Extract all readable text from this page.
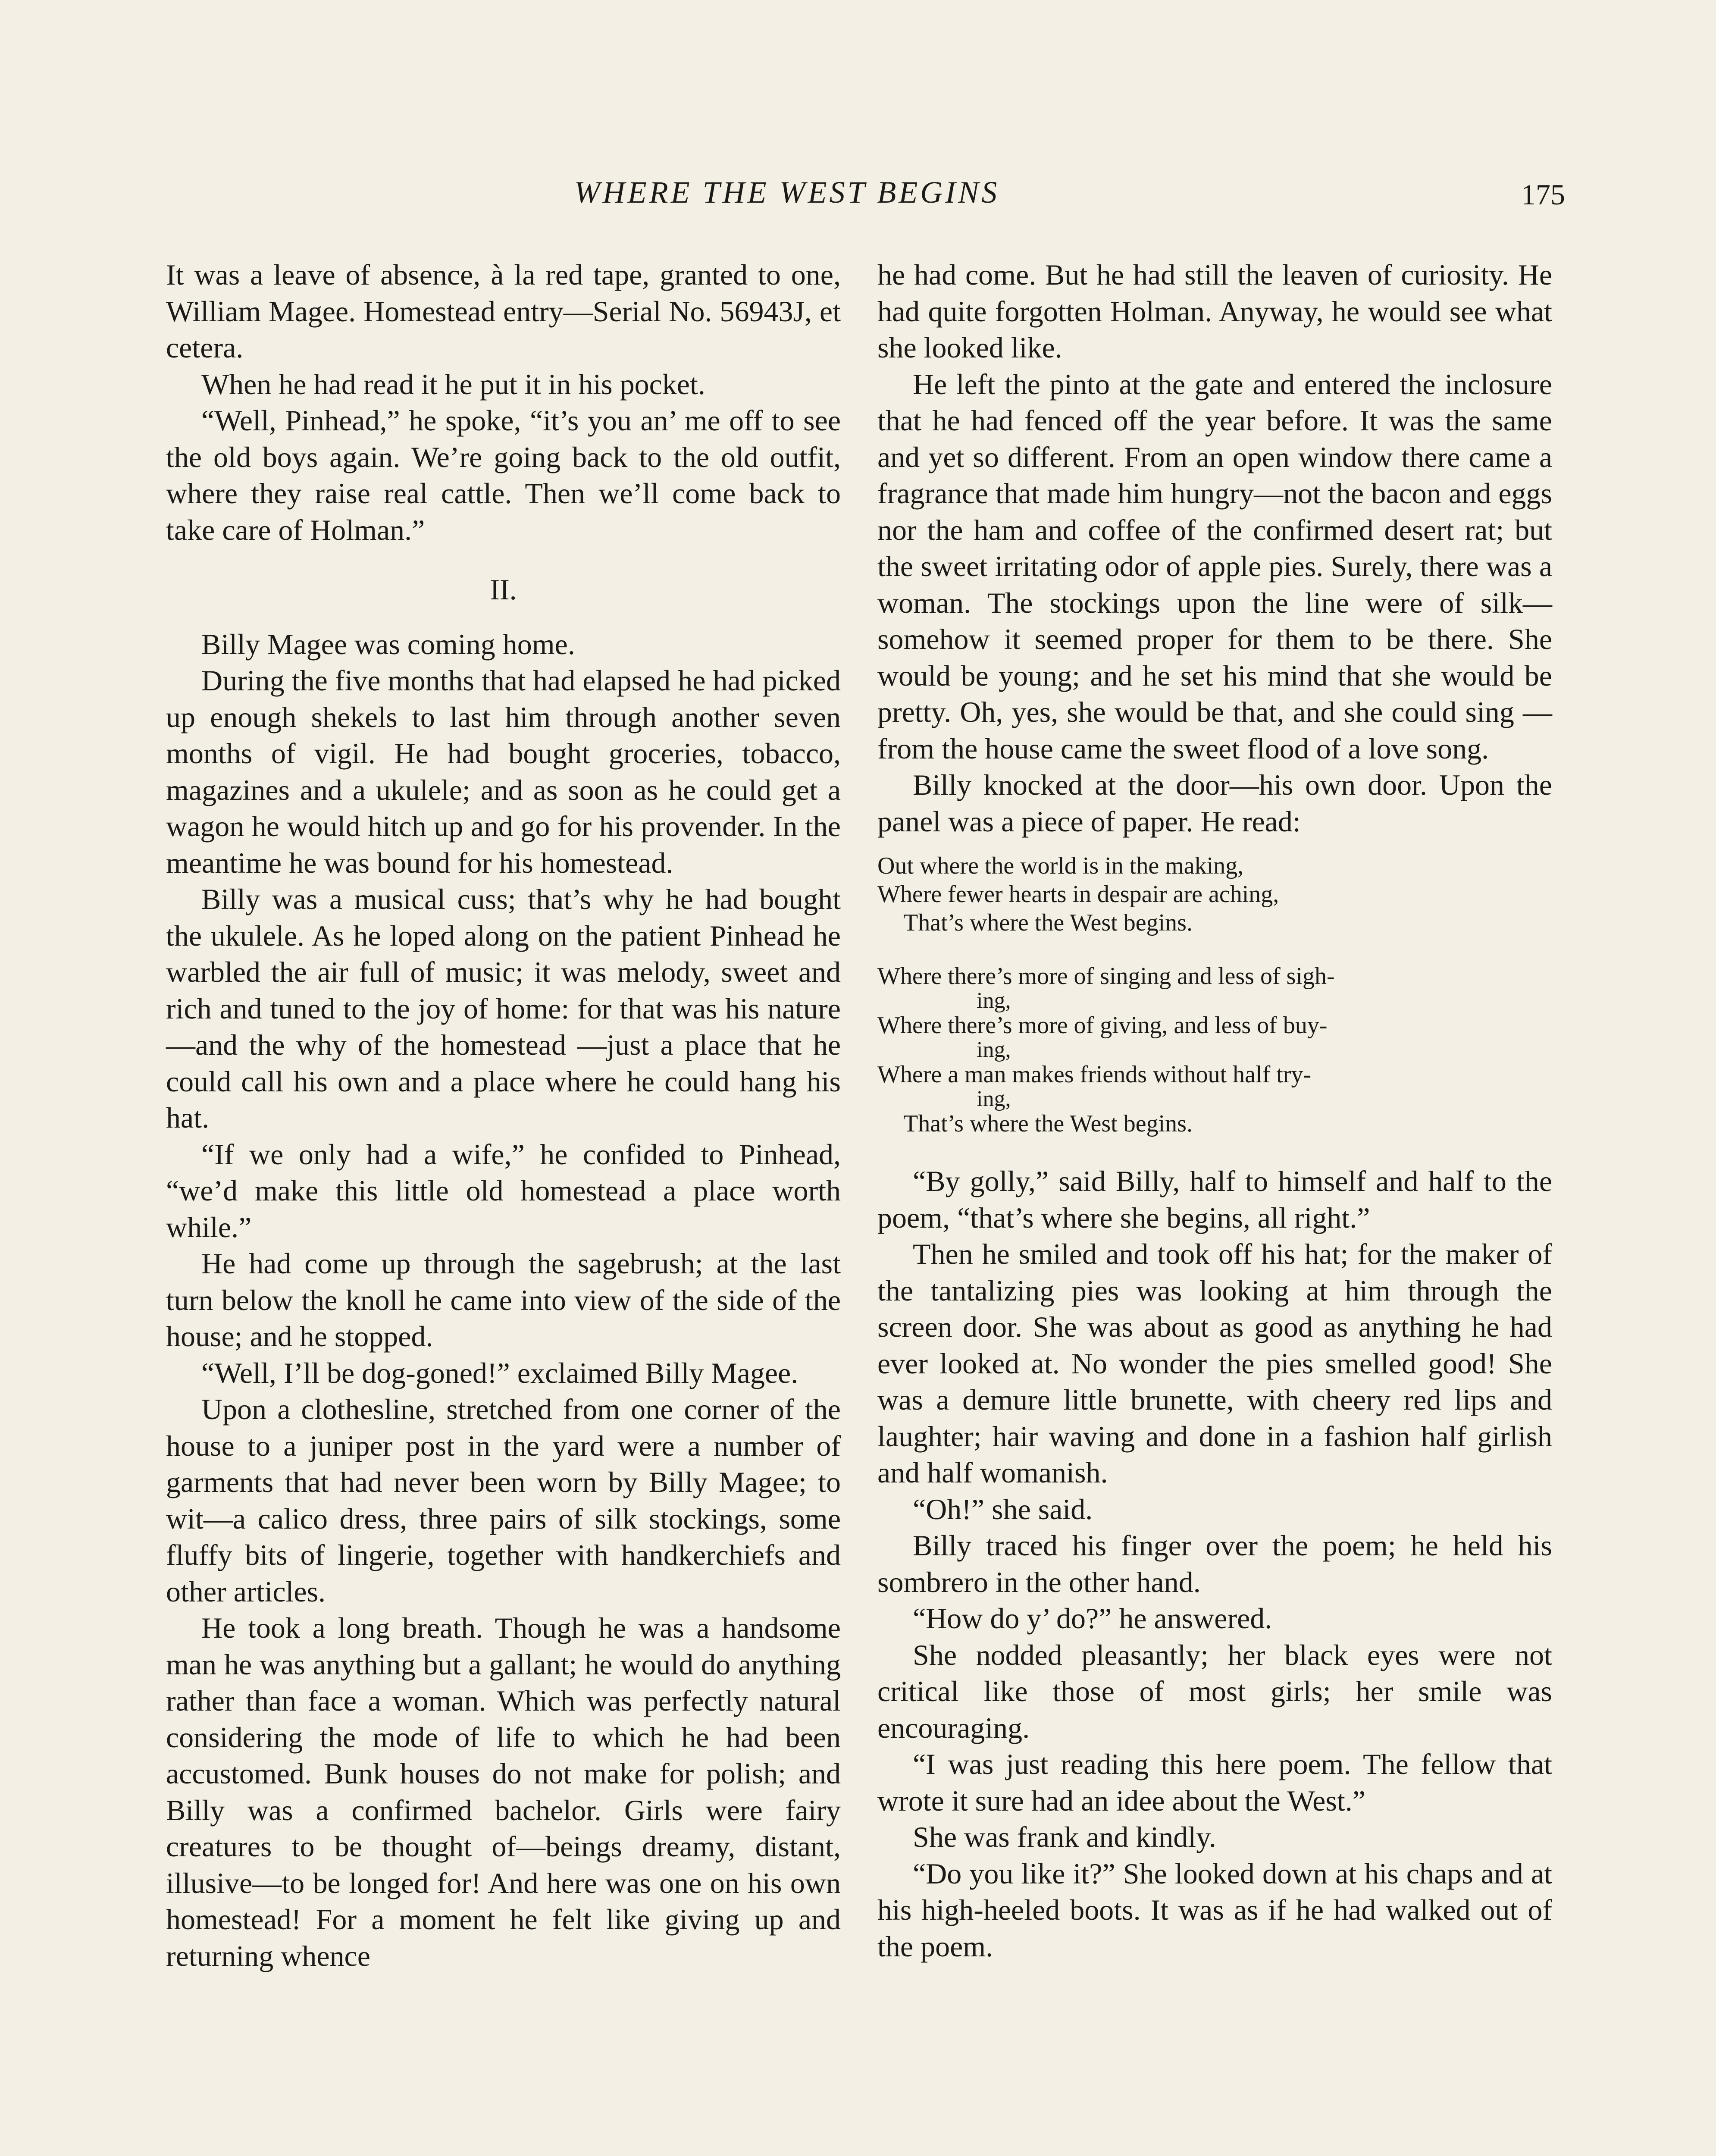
WHERE THE WEST BEGINS	175

It was a leave of absence, à la red tape, granted to one, William Magee. Homestead entry—Serial No. 56943J, et cetera.

When he had read it he put it in his pocket.

“Well, Pinhead,” he spoke, “it’s you an’ me off to see the old boys again. We’re going back to the old outfit, where they raise real cattle. Then we’ll come back to take care of Holman.”

II.

Billy Magee was coming home.

During the five months that had elapsed he had picked up enough shekels to last him through another seven months of vigil. He had bought groceries, tobacco, magazines and a ukulele; and as soon as he could get a wagon he would hitch up and go for his provender. In the meantime he was bound for his homestead.

Billy was a musical cuss; that’s why he had bought the ukulele. As he loped along on the patient Pinhead he warbled the air full of music; it was melody, sweet and rich and tuned to the joy of home: for that was his nature—and the why of the homestead —just a place that he could call his own and a place where he could hang his hat.

“If we only had a wife,” he confided to Pinhead, “we’d make this little old homestead a place worth while.”

He had come up through the sagebrush; at the last turn below the knoll he came into view of the side of the house; and he stopped.

“Well, I’ll be dog-goned!” exclaimed Billy Magee.

Upon a clothesline, stretched from one corner of the house to a juniper post in the yard were a number of garments that had never been worn by Billy Magee; to wit—a calico dress, three pairs of silk stockings, some fluffy bits of lingerie, together with handkerchiefs and other articles.

He took a long breath. Though he was a handsome man he was anything but a gallant; he would do anything rather than face a woman. Which was perfectly natural considering the mode of life to which he had been accustomed. Bunk houses do not make for polish; and Billy was a confirmed bachelor. Girls were fairy creatures to be thought of—beings dreamy, distant, illusive—to be longed for! And here was one on his own homestead! For a moment he felt like giving up and returning whence

he had come. But he had still the leaven of curiosity. He had quite forgotten Holman. Anyway, he would see what she looked like.

He left the pinto at the gate and entered the inclosure that he had fenced off the year before. It was the same and yet so different. From an open window there came a fragrance that made him hungry—not the bacon and eggs nor the ham and coffee of the confirmed desert rat; but the sweet irritating odor of apple pies. Surely, there was a woman. The stockings upon the line were of silk—somehow it seemed proper for them to be there. She would be young; and he set his mind that she would be pretty. Oh, yes, she would be that, and she could sing —from the house came the sweet flood of a love song.

Billy knocked at the door—his own door. Upon the panel was a piece of paper. He read:

Out where the world is in the making,
Where fewer hearts in despair are aching,
That’s where the West begins.
Where there’s more of singing and less of sigh-
ing,
Where there’s more of giving, and less of buy-
ing,
Where a man makes friends without half try-
ing,
That’s where the West begins.

“By golly,” said Billy, half to himself and half to the poem, “that’s where she begins, all right.”

Then he smiled and took off his hat; for the maker of the tantalizing pies was looking at him through the screen door. She was about as good as anything he had ever looked at. No wonder the pies smelled good! She was a demure little brunette, with cheery red lips and laughter; hair waving and done in a fashion half girlish and half womanish.

“Oh!” she said.

Billy traced his finger over the poem; he held his sombrero in the other hand.

“How do y’ do?” he answered.

She nodded pleasantly; her black eyes were not critical like those of most girls; her smile was encouraging.

“I was just reading this here poem. The fellow that wrote it sure had an idee about the West.”

She was frank and kindly.

“Do you like it?” She looked down at his chaps and at his high-heeled boots. It was as if he had walked out of the poem.
